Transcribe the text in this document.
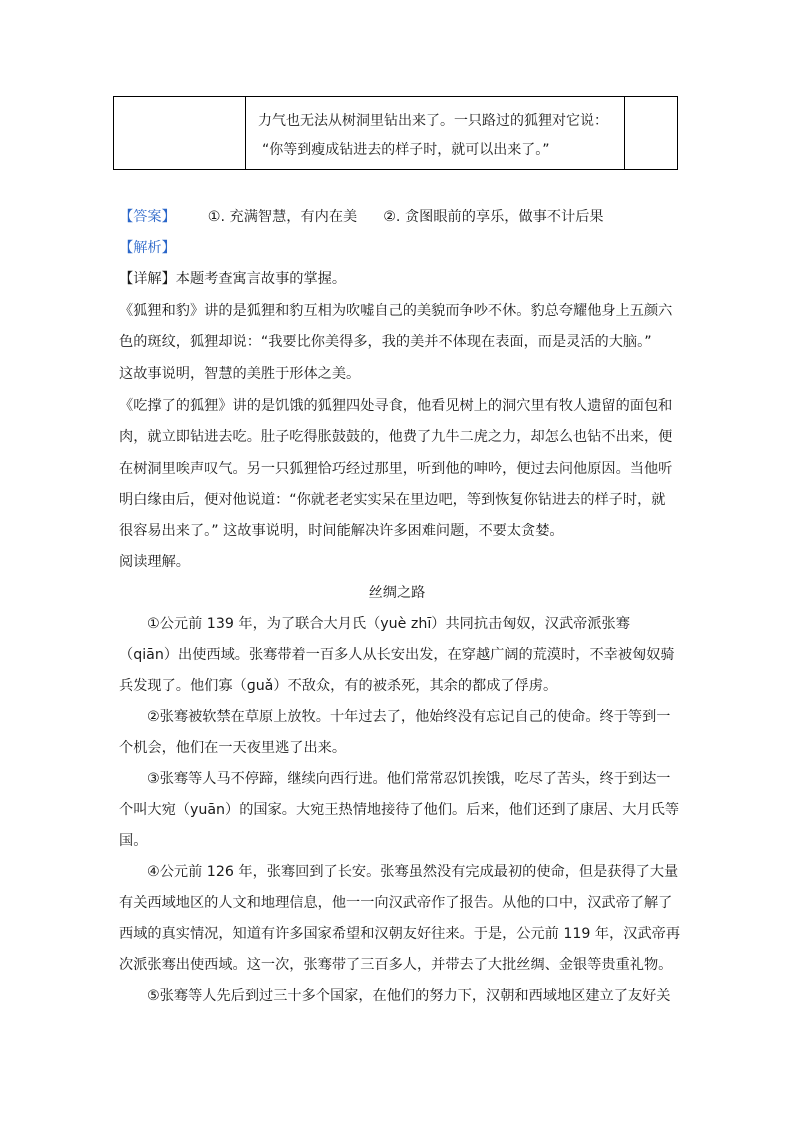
力气也无法从树洞里钻出来了。一只路过的狐狸对它说：
“你等到瘦成钻进去的样子时，就可以出来了。”

【答案】 ①. 充满智慧，有内在美 ②. 贪图眼前的享乐，做事不计后果
【解析】
【详解】本题考查寓言故事的掌握。
《狐狸和豹》讲的是狐狸和豹互相为吹嘘自己的美貌而争吵不休。豹总夸耀他身上五颜六
色的斑纹，狐狸却说：“我要比你美得多，我的美并不体现在表面，而是灵活的大脑。”
这故事说明，智慧的美胜于形体之美。
《吃撑了的狐狸》讲的是饥饿的狐狸四处寻食，他看见树上的洞穴里有牧人遗留的面包和
肉，就立即钻进去吃。肚子吃得胀鼓鼓的，他费了九牛二虎之力，却怎么也钻不出来，便
在树洞里唉声叹气。另一只狐狸恰巧经过那里，听到他的呻吟，便过去问他原因。当他听
明白缘由后，便对他说道：“你就老老实实呆在里边吧，等到恢复你钻进去的样子时，就
很容易出来了。” 这故事说明，时间能解决许多困难问题，不要太贪婪。
阅读理解。
丝绸之路
①公元前 139 年，为了联合大月氏（yuè zhī）共同抗击匈奴，汉武帝派张骞
（qiān）出使西域。张骞带着一百多人从长安出发，在穿越广阔的荒漠时，不幸被匈奴骑
兵发现了。他们寡（ɡuǎ）不敌众，有的被杀死，其余的都成了俘虏。
②张骞被软禁在草原上放牧。十年过去了，他始终没有忘记自己的使命。终于等到一
个机会，他们在一天夜里逃了出来。
③张骞等人马不停蹄，继续向西行进。他们常常忍饥挨饿，吃尽了苦头，终于到达一
个叫大宛（yuān）的国家。大宛王热情地接待了他们。后来，他们还到了康居、大月氏等
国。
④公元前 126 年，张骞回到了长安。张骞虽然没有完成最初的使命，但是获得了大量
有关西域地区的人文和地理信息，他一一向汉武帝作了报告。从他的口中，汉武帝了解了
西域的真实情况，知道有许多国家希望和汉朝友好往来。于是，公元前 119 年，汉武帝再
次派张骞出使西域。这一次，张骞带了三百多人，并带去了大批丝绸、金银等贵重礼物。
⑤张骞等人先后到过三十多个国家，在他们的努力下，汉朝和西域地区建立了友好关
